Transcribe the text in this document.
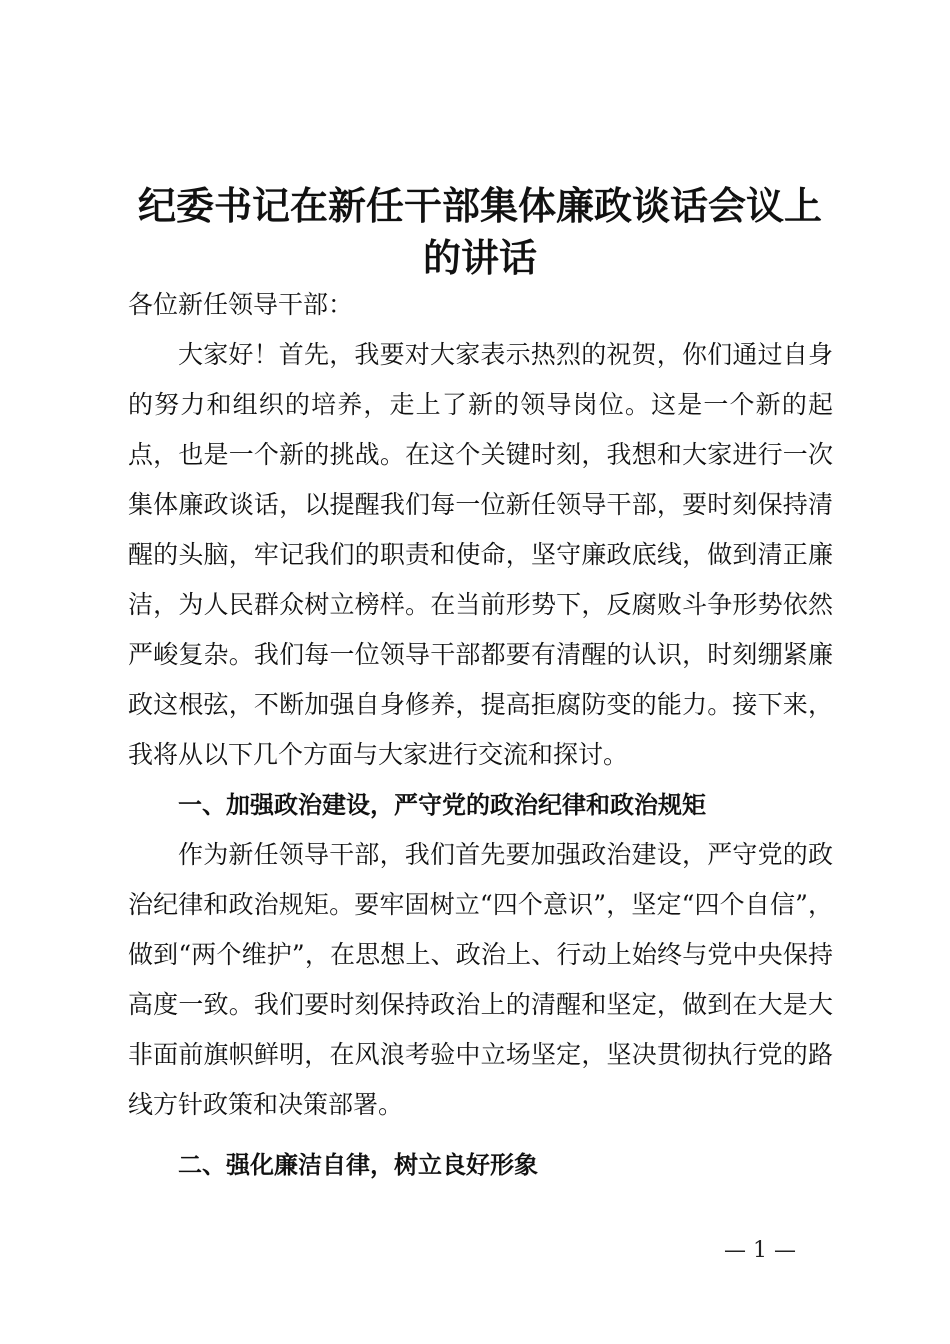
纪委书记在新任干部集体廉政谈话会议上的讲话

各位新任领导干部：

大家好！首先，我要对大家表示热烈的祝贺，你们通过自身的努力和组织的培养，走上了新的领导岗位。这是一个新的起点，也是一个新的挑战。在这个关键时刻，我想和大家进行一次集体廉政谈话，以提醒我们每一位新任领导干部，要时刻保持清醒的头脑，牢记我们的职责和使命，坚守廉政底线，做到清正廉洁，为人民群众树立榜样。在当前形势下，反腐败斗争形势依然严峻复杂。我们每一位领导干部都要有清醒的认识，时刻绷紧廉政这根弦，不断加强自身修养，提高拒腐防变的能力。接下来，我将从以下几个方面与大家进行交流和探讨。

一、加强政治建设，严守党的政治纪律和政治规矩

作为新任领导干部，我们首先要加强政治建设，严守党的政治纪律和政治规矩。要牢固树立“四个意识”，坚定“四个自信”，做到“两个维护”，在思想上、政治上、行动上始终与党中央保持高度一致。我们要时刻保持政治上的清醒和坚定，做到在大是大非面前旗帜鲜明，在风浪考验中立场坚定，坚决贯彻执行党的路线方针政策和决策部署。

二、强化廉洁自律，树立良好形象

— 1 —
